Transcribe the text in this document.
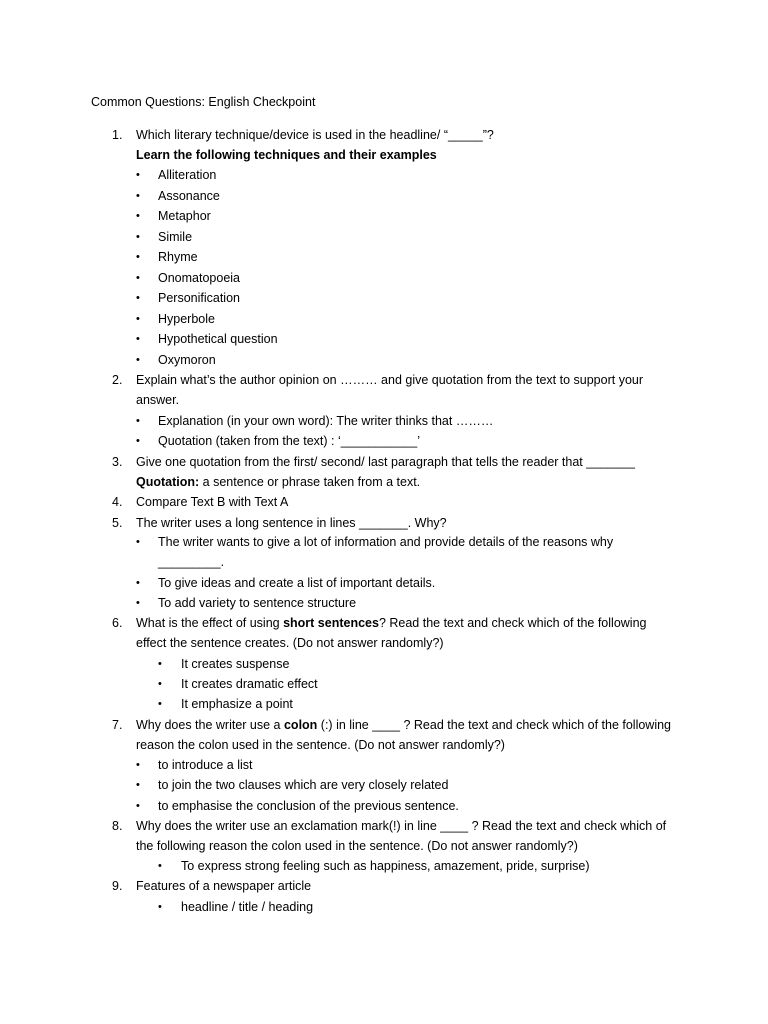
Common Questions: English Checkpoint
1.	Which literary technique/device is used in the headline/ “_____”?
Learn the following techniques and their examples
• Alliteration
• Assonance
• Metaphor
• Simile
• Rhyme
• Onomatopoeia
• Personification
• Hyperbole
• Hypothetical question
• Oxymoron
2.	Explain what’s the author opinion on ……… and give quotation from the text to support your
answer.
• Explanation (in your own word): The writer thinks that ………
• Quotation (taken from the text) : ‘___________’
3.	Give one quotation from the first/ second/ last paragraph that tells the reader that _______
Quotation: a sentence or phrase taken from a text.
4.	Compare Text B with Text A
5.	The writer uses a long sentence in lines _______. Why?
• The writer wants to give a lot of information and provide details of the reasons why
_________.
• To give ideas and create a list of important details.
• To add variety to sentence structure
6.	What is the effect of using short sentences? Read the text and check which of the following
effect the sentence creates. (Do not answer randomly?)
• It creates suspense
• It creates dramatic effect
• It emphasize a point
7.	Why does the writer use a colon (:) in line ____ ? Read the text and check which of the following
reason the colon used in the sentence. (Do not answer randomly?)
• to introduce a list
• to join the two clauses which are very closely related
• to emphasise the conclusion of the previous sentence.
8.	Why does the writer use an exclamation mark(!) in line ____ ? Read the text and check which of
the following reason the colon used in the sentence. (Do not answer randomly?)
• To express strong feeling such as happiness, amazement, pride, surprise)
9.	Features of a newspaper article
• headline / title / heading
